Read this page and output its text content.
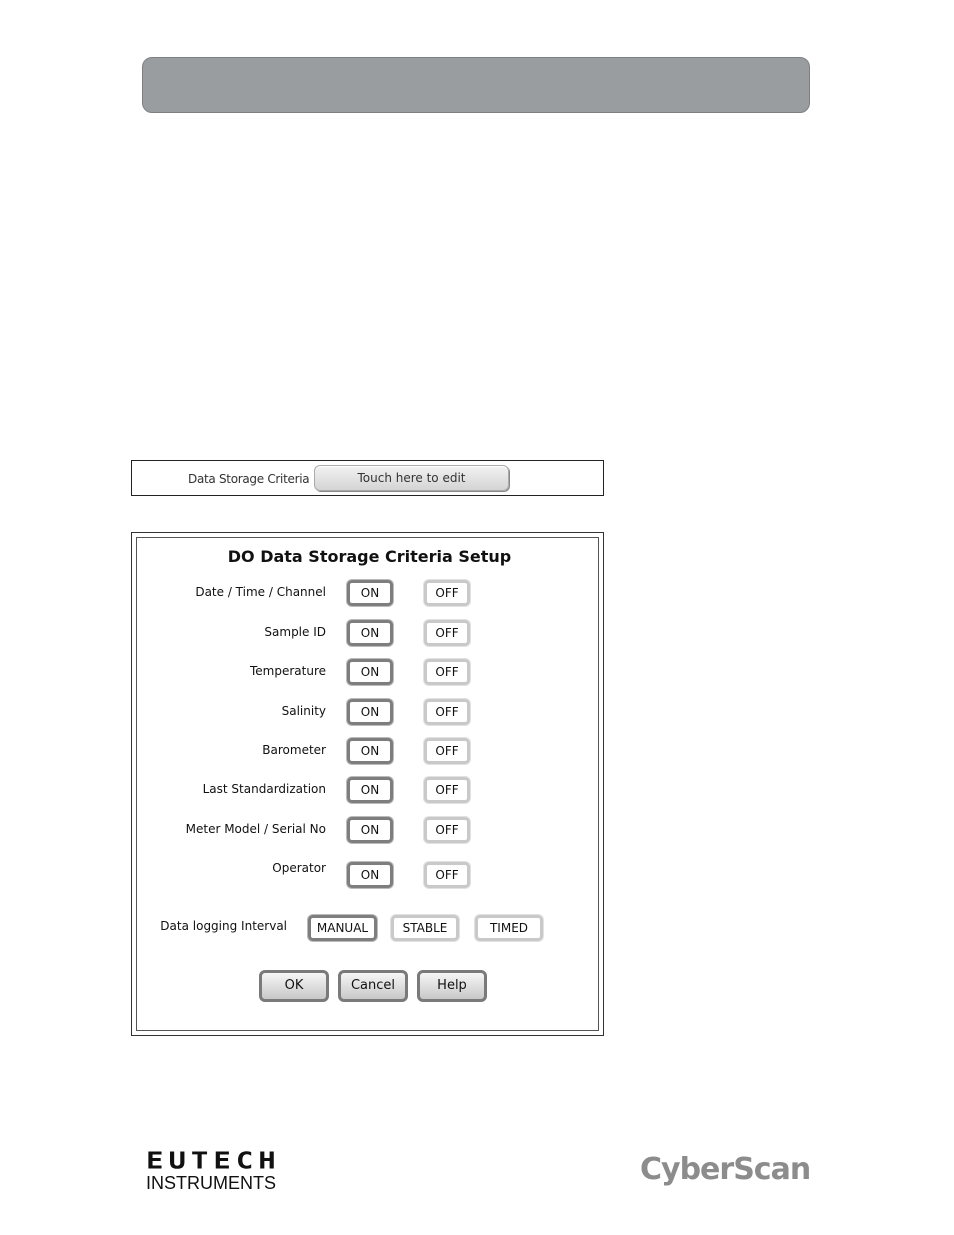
Data Storage Criteria	Touch here to edit
DO Data Storage Criteria Setup
Date / Time / Channel	ON	OFF
Sample ID	ON	OFF
Temperature	ON	OFF
Salinity	ON	OFF
Barometer	ON	OFF
Last Standardization	ON	OFF
Meter Model / Serial No	ON	OFF
Operator	ON	OFF
Data logging Interval	MANUAL	STABLE	TIMED
OK	Cancel	Help
EUTECH
INSTRUMENTS	CyberScan
